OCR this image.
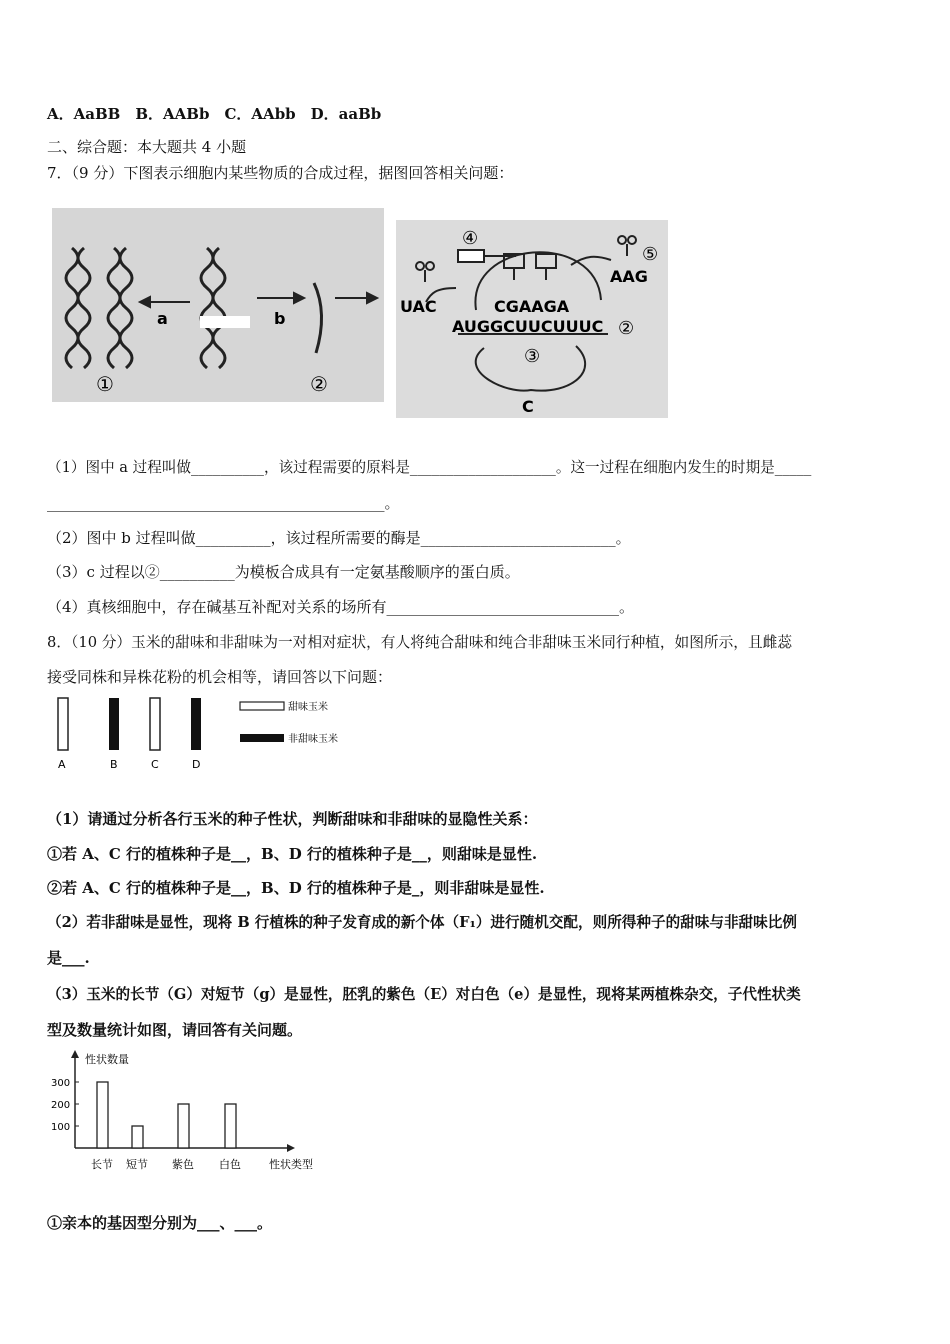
A．AaBB　B．AABb　C．AAbb　D．aaBb
二、综合题：本大题共 4 小题
7．（9 分）下图表示细胞内某些物质的合成过程，据图回答相关问题：
a	b
①	②
④
⑤
UAC
AAG
CGAAGA
AUGGCUUCUUUC ②
③
C
（1）图中 a 过程叫做__________，该过程需要的原料是____________________。这一过程在细胞内发生的时期是_____
_____________________________________________。
（2）图中 b 过程叫做__________，该过程所需要的酶是__________________________。
（3）c 过程以②__________为模板合成具有一定氨基酸顺序的蛋白质。
（4）真核细胞中，存在碱基互补配对关系的场所有_______________________________。
8．（10 分）玉米的甜味和非甜味为一对相对症状，有人将纯合甜味和纯合非甜味玉米同行种植，如图所示，且雌蕊
接受同株和异株花粉的机会相等，请回答以下问题：
A	B	C	D
甜味玉米
非甜味玉米
（1）请通过分析各行玉米的种子性状，判断甜味和非甜味的显隐性关系：
①若 A、C 行的植株种子是__，B、D 行的植株种子是__，则甜味是显性.
②若 A、C 行的植株种子是__，B、D 行的植株种子是_，则非甜味是显性.
（2）若非甜味是显性，现将 B 行植株的种子发育成的新个体（F₁）进行随机交配，则所得种子的甜味与非甜味比例
是___.
（3）玉米的长节（G）对短节（g）是显性，胚乳的紫色（E）对白色（e）是显性，现将某两植株杂交，子代性状类
型及数量统计如图，请回答有关问题。
性状数量
性状类型
100
200
300
长节 短节 紫色 白色
①亲本的基因型分别为___、___。
